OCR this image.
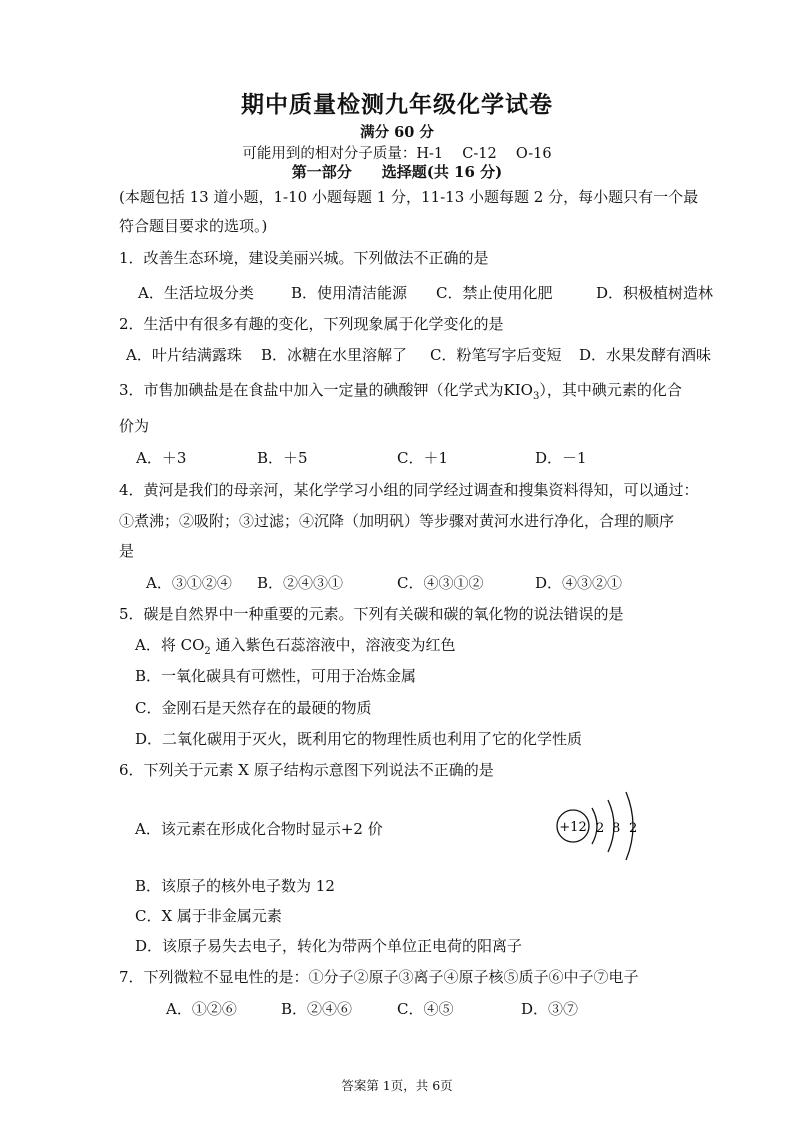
期中质量检测九年级化学试卷
满分 60 分
可能用到的相对分子质量：H-1　 C-12　 O-16
第一部分　　选择题(共 16 分)
(本题包括 13 道小题，1-10 小题每题 1 分，11-13 小题每题 2 分，每小题只有一个最
符合题目要求的选项。)
1．改善生态环境，建设美丽兴城。下列做法不正确的是
A．生活垃圾分类 B．使用清洁能源 C．禁止使用化肥	D．积极植树造林
2．生活中有很多有趣的变化，下列现象属于化学变化的是
A．叶片结满露珠 B．冰糖在水里溶解了 C．粉笔写字后变短 D．水果发酵有酒味
3．市售加碘盐是在食盐中加入一定量的碘酸钾（化学式为$KIO_3$），其中碘元素的化合
价为
A．＋3	B．＋5	C．＋1	D．－1
4．黄河是我们的母亲河，某化学学习小组的同学经过调查和搜集资料得知，可以通过：
①煮沸；②吸附；③过滤；④沉降（加明矾）等步骤对黄河水进行净化，合理的顺序
是
A．③①②④ B．②④③①	C．④③①②	D．④③②①
5．碳是自然界中一种重要的元素。下列有关碳和碳的氧化物的说法错误的是
A．将 $CO_2$ 通入紫色石蕊溶液中，溶液变为红色
B．一氧化碳具有可燃性，可用于冶炼金属
C．金刚石是天然存在的最硬的物质
D．二氧化碳用于灭火，既利用它的物理性质也利用了它的化学性质
6．下列关于元素 X 原子结构示意图下列说法不正确的是
A．该元素在形成化合物时显示+2 价	+12 2 8 2
B．该原子的核外电子数为 12
C．X 属于非金属元素
D．该原子易失去电子，转化为带两个单位正电荷的阳离子
7．下列微粒不显电性的是：①分子②原子③离子④原子核⑤质子⑥中子⑦电子
A．①②⑥	B．②④⑥	C．④⑤	D．③⑦
答案第 1页，共 6页
